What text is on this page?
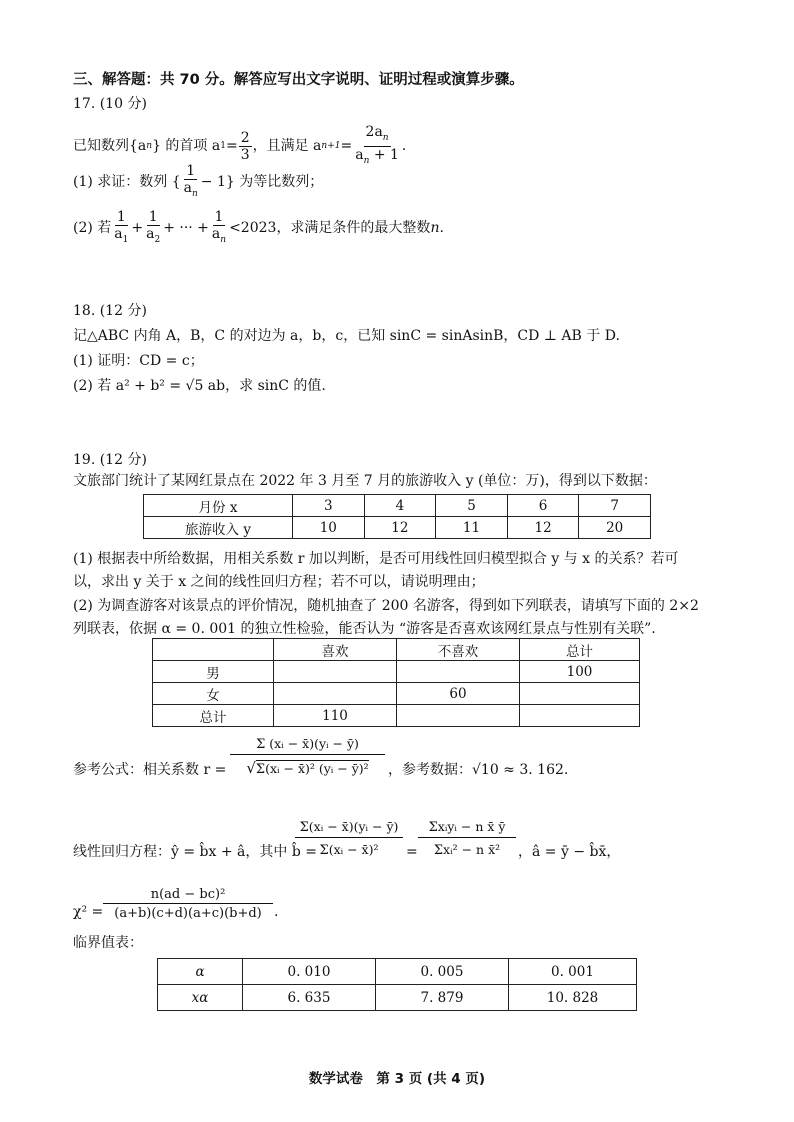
三、解答题：共 70 分。解答应写出文字说明、证明过程或演算步骤。
17. (10 分)
已知数列{a n } 的首项 a $1 = \frac{2}{3}$ ，且满足 a $n+1 = \frac{2a_n}{a_n + 1}$ .
(1) 求证：数列 { $\frac{1}{a_n} - 1$} 为等比数列；
(2) 若 $\frac{1}{a_1} + \frac{1}{a_2}$ + ··· + $\frac{1}{a_n} <2023$，求满足条件的最大整数 n .
18. (12 分)
记△ABC 内角 A，B，C 的对边为 a，b，c，已知 sinC = sinAsinB，CD ⊥ AB 于 D.
(1) 证明：CD = c；
(2) 若 a² + b² = √5 ab，求 sinC 的值.
19. (12 分)
文旅部门统计了某网红景点在 2022 年 3 月至 7 月的旅游收入 y (单位：万)，得到以下数据：
月份 x	3	4	5	6	7
旅游收入 y	10	12	11	12	20
(1) 根据表中所给数据，用相关系数 r 加以判断，是否可用线性回归模型拟合 y 与 x 的关系？若可
以，求出 y 关于 x 之间的线性回归方程；若不可以，请说明理由；
(2) 为调查游客对该景点的评价情况，随机抽查了 200 名游客，得到如下列联表，请填写下面的 2×2
列联表，依据 α = 0. 001 的独立性检验，能否认为 “游客是否喜欢该网红景点与性别有关联”.
	喜欢	不喜欢	总计
男			100
女		60	
总计	110		
参考公式：相关系数 $r = \frac{\text{Σ (xᵢ − x̄)(yᵢ − ȳ)}}{\text{√Σ(xᵢ − x̄)² (yᵢ − ȳ)²}}$ ，参考数据：√10 ≈ 3. 162.
线性回归方程：ŷ = b̂x + â，其中 b̂ =
$\frac{\text{Σ(xᵢ − x̄)(yᵢ − ȳ)}}{\text{Σ(xᵢ − x̄)²}}$ =
Σxᵢyᵢ − n x̄ ȳ
Σxᵢ² − n x̄²	，â = ȳ − b̂x̄，
$\chi^2 = \frac{\text{n(ad − bc)²}}{(a+b)(c+d)(a+c)(b+d)}$ .
临界值表：
α	0. 010	0. 005	0. 001
xα	6. 635	7. 879	10. 828
数学试卷　第 3 页 (共 4 页)
